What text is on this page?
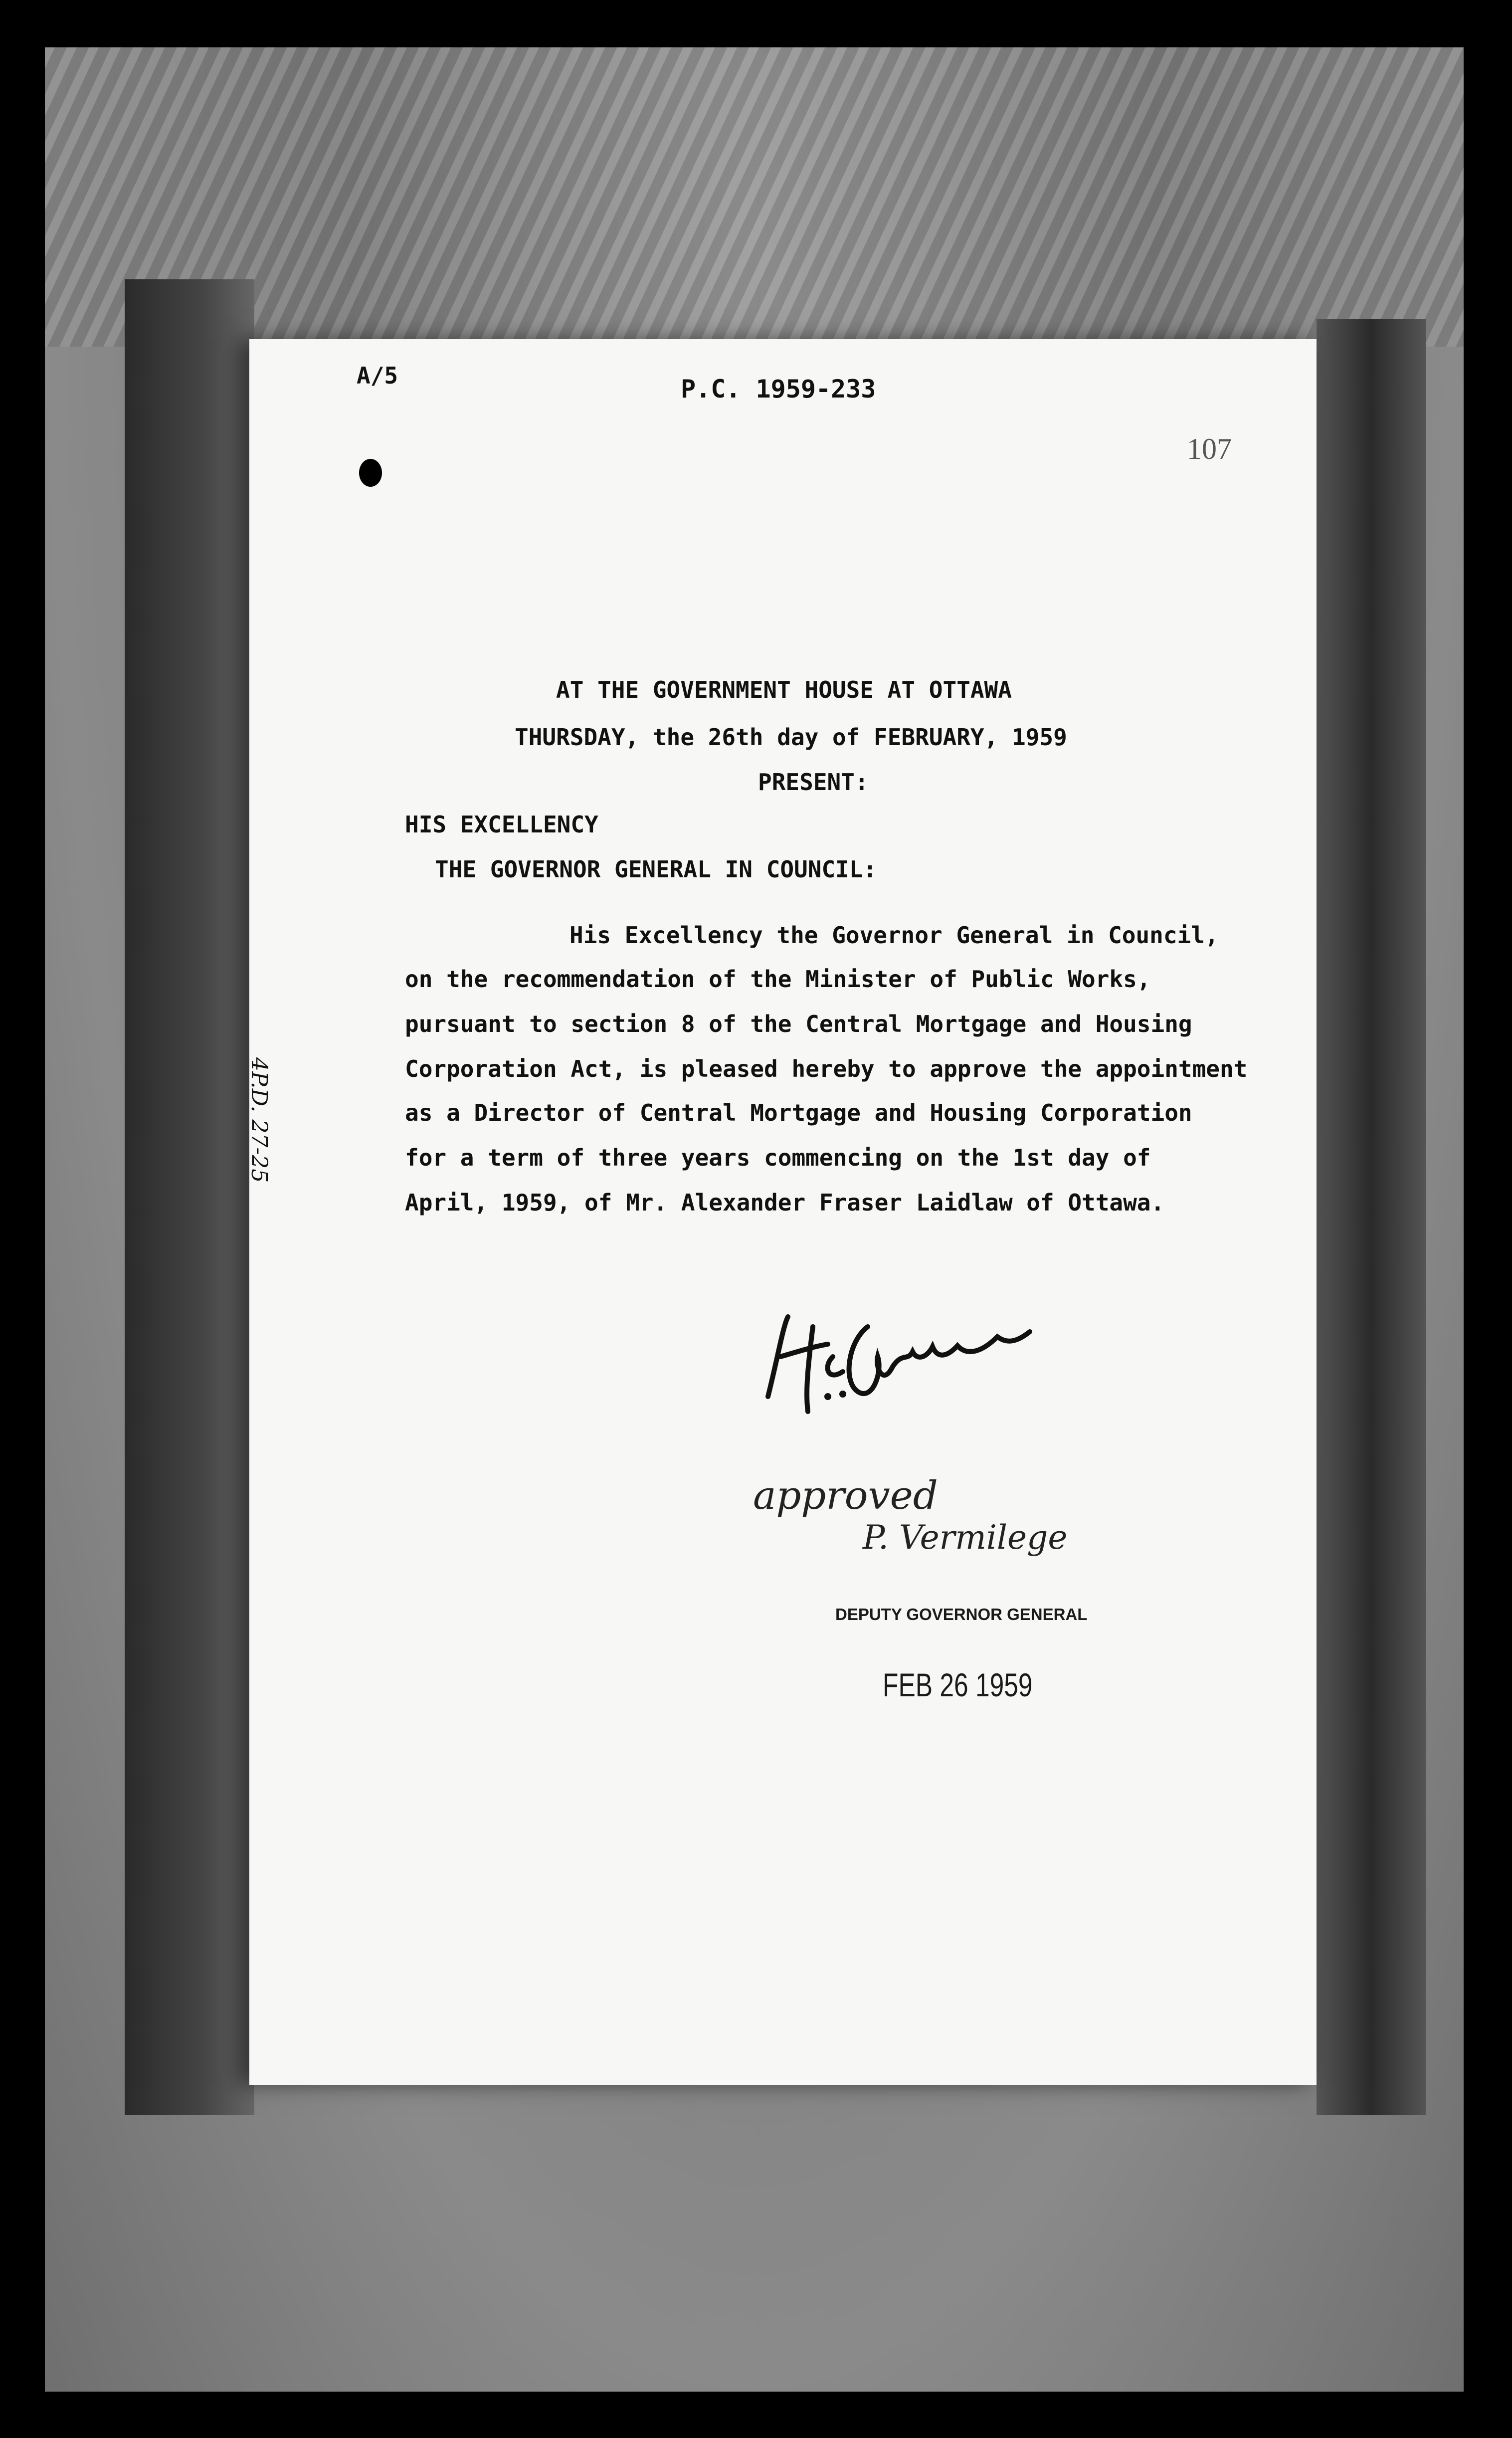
A/5	P.C. 1959-233
107
AT THE GOVERNMENT HOUSE AT OTTAWA
THURSDAY, the 26th day of FEBRUARY, 1959
PRESENT:
HIS EXCELLENCY
THE GOVERNOR GENERAL IN COUNCIL:
His Excellency the Governor General in Council,
on the recommendation of the Minister of Public Works,
pursuant to section 8 of the Central Mortgage and Housing
Corporation Act, is pleased hereby to approve the appointment
as a Director of Central Mortgage and Housing Corporation
for a term of three years commencing on the 1st day of
April, 1959, of Mr. Alexander Fraser Laidlaw of Ottawa.
4P.D. 27-25
approved
P. Vermilege
DEPUTY GOVERNOR GENERAL
FEB 26 1959
